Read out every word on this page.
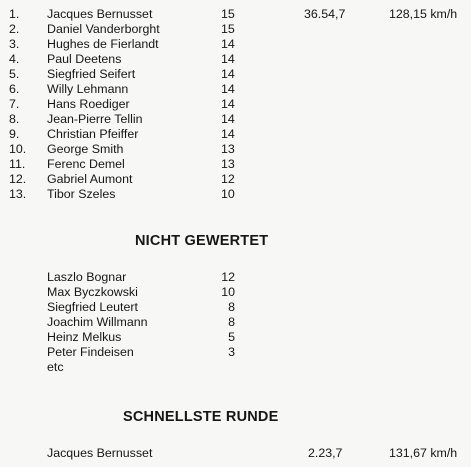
1. Jacques Bernusset	15	36.54,7	128,15 km/h
2. Daniel Vanderborght	15
3. Hughes de Fierlandt	14
4. Paul Deetens	14
5. Siegfried Seifert	14
6. Willy Lehmann	14
7. Hans Roediger	14
8. Jean-Pierre Tellin	14
9. Christian Pfeiffer	14
10. George Smith	13
11. Ferenc Demel	13
12. Gabriel Aumont	12
13. Tibor Szeles	10
NICHT GEWERTET
Laszlo Bognar	12
Max Byczkowski	10
Siegfried Leutert	8
Joachim Willmann	8
Heinz Melkus	5
Peter Findeisen	3
etc
SCHNELLSTE RUNDE
Jacques Bernusset	2.23,7	131,67 km/h
